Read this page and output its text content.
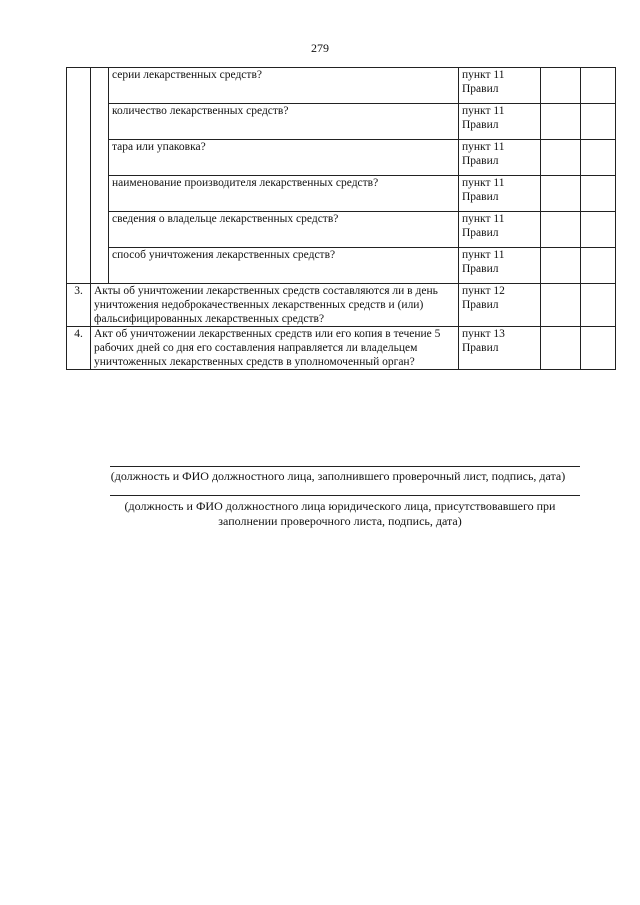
279
		серии лекарственных средств?	пункт 11 Правил		
		количество лекарственных средств?	пункт 11 Правил		
		тара или упаковка?	пункт 11 Правил		
		наименование производителя лекарственных средств?	пункт 11 Правил		
		сведения о владельце лекарственных средств?	пункт 11 Правил		
		способ уничтожения лекарственных средств?	пункт 11 Правил		
3.	Акты об уничтожении лекарственных средств составляются ли в день уничтожения недоброкачественных лекарственных средств и (или) фальсифицированных лекарственных средств?		пункт 12 Правил		
4.	Акт об уничтожении лекарственных средств или его копия в течение 5 рабочих дней со дня его составления направляется ли владельцем уничтоженных лекарственных средств в уполномоченный орган?		пункт 13 Правил		
(должность и ФИО должностного лица, заполнившего проверочный лист, подпись, дата)
(должность и ФИО должностного лица юридического лица, присутствовавшего при заполнении проверочного листа, подпись, дата)
